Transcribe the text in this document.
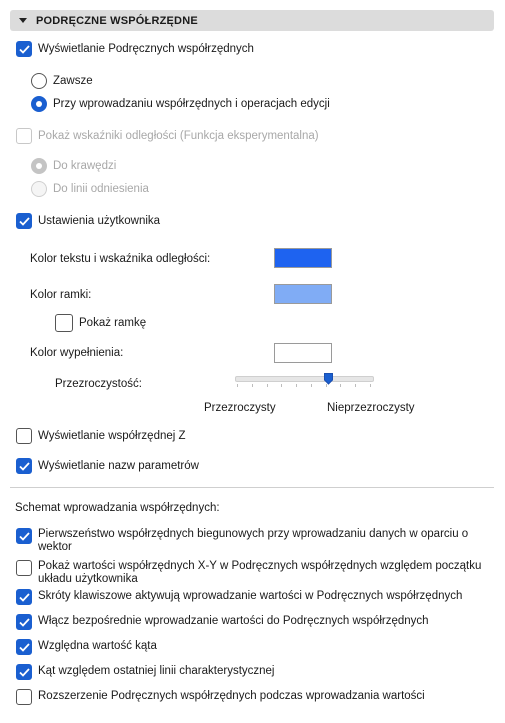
PODRĘCZNE WSPÓŁRZĘDNE
Wyświetlanie Podręcznych współrzędnych
Zawsze
Przy wprowadzaniu współrzędnych i operacjach edycji
Pokaż wskaźniki odległości (Funkcja eksperymentalna)
Do krawędzi
Do linii odniesienia
Ustawienia użytkownika
Kolor tekstu i wskaźnika odległości:
Kolor ramki:
Pokaż ramkę
Kolor wypełnienia:
Przezroczystość:
Przezroczysty	Nieprzezroczysty
Wyświetlanie współrzędnej Z
Wyświetlanie nazw parametrów
Schemat wprowadzania współrzędnych:
Pierwszeństwo współrzędnych biegunowych przy wprowadzaniu danych w oparciu o wektor
Pokaż wartości współrzędnych X-Y w Podręcznych współrzędnych względem początku układu użytkownika
Skróty klawiszowe aktywują wprowadzanie wartości w Podręcznych współrzędnych
Włącz bezpośrednie wprowadzanie wartości do Podręcznych współrzędnych
Względna wartość kąta
Kąt względem ostatniej linii charakterystycznej
Rozszerzenie Podręcznych współrzędnych podczas wprowadzania wartości
